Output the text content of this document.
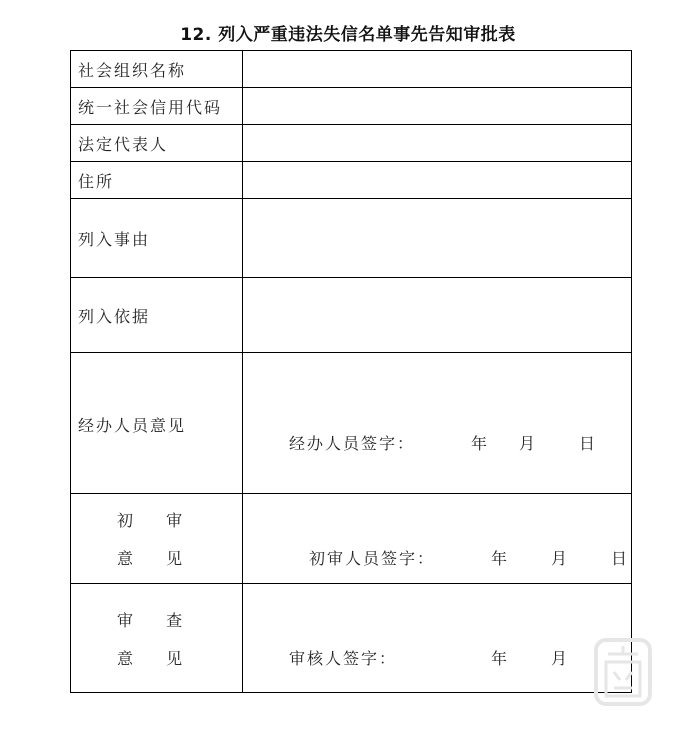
12. 列入严重违法失信名单事先告知审批表
社会组织名称	
统一社会信用代码	
法定代表人	
住所	
列入事由	
列入依据	
经办人员意见	经办人员签字： 年 月 日

初 审
意 见	初审人员签字： 年 月 日

审 查
意 见	审核人签字： 年 月
